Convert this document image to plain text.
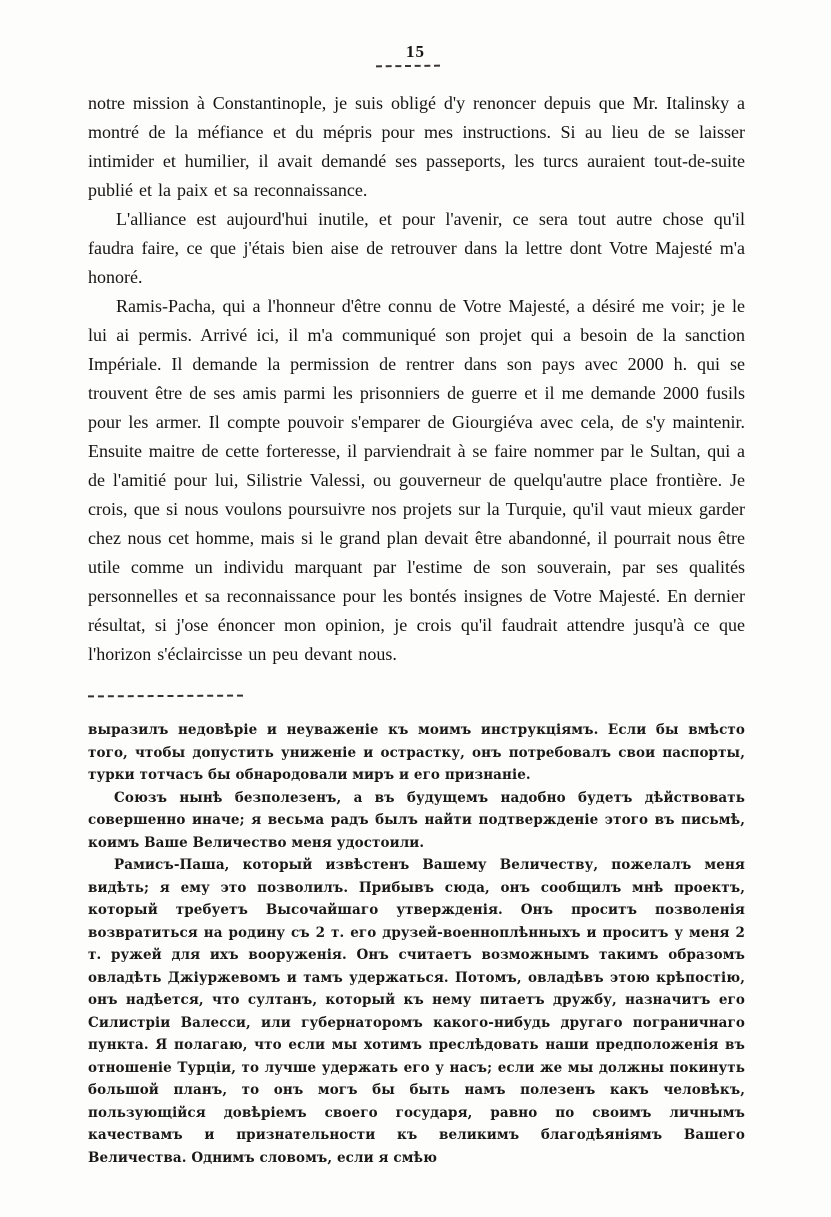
15

notre mission à Constantinople, je suis obligé d'y renoncer depuis que Mr. Italinsky a montré de la méfiance et du mépris pour mes instructions. Si au lieu de se laisser intimider et humilier, il avait demandé ses passeports, les turcs auraient tout-de-suite publié et la paix et sa reconnaissance.

L'alliance est aujourd'hui inutile, et pour l'avenir, ce sera tout autre chose qu'il faudra faire, ce que j'étais bien aise de retrouver dans la lettre dont Votre Majesté m'a honoré.

Ramis-Pacha, qui a l'honneur d'être connu de Votre Majesté, a désiré me voir; je le lui ai permis. Arrivé ici, il m'a communiqué son projet qui a besoin de la sanction Impériale. Il demande la permission de rentrer dans son pays avec 2000 h. qui se trouvent être de ses amis parmi les prisonniers de guerre et il me demande 2000 fusils pour les armer. Il compte pouvoir s'emparer de Giourgiéva avec cela, de s'y maintenir. Ensuite maitre de cette forteresse, il parviendrait à se faire nommer par le Sultan, qui a de l'amitié pour lui, Silistrie Valessi, ou gouverneur de quelqu'autre place frontière. Je crois, que si nous voulons poursuivre nos projets sur la Turquie, qu'il vaut mieux garder chez nous cet homme, mais si le grand plan devait être abandonné, il pourrait nous être utile comme un individu marquant par l'estime de son souverain, par ses qualités personnelles et sa reconnaissance pour les bontés insignes de Votre Majesté. En dernier résultat, si j'ose énoncer mon opinion, je crois qu'il faudrait attendre jusqu'à ce que l'horizon s'éclaircisse un peu devant nous.

выразилъ недовѣріе и неуваженіе къ моимъ инструкціямъ. Если бы вмѣсто того, чтобы допустить униженіе и острастку, онъ потребовалъ свои паспорты, турки тотчасъ бы обнародовали миръ и его признаніе.

Союзъ нынѣ безполезенъ, а въ будущемъ надобно будетъ дѣйствовать совершенно иначе; я весьма радъ былъ найти подтвержденіе этого въ письмѣ, коимъ Ваше Величество меня удостоили.

Рамисъ-Паша, который извѣстенъ Вашему Величеству, пожелалъ меня видѣть; я ему это позволилъ. Прибывъ сюда, онъ сообщилъ мнѣ проектъ, который требуетъ Высочайшаго утвержденія. Онъ проситъ позволенія возвратиться на родину съ 2 т. его друзей-военноплѣнныхъ и проситъ у меня 2 т. ружей для ихъ вооруженія. Онъ считаетъ возможнымъ такимъ образомъ овладѣть Джіуржевомъ и тамъ удержаться. Потомъ, овладѣвъ этою крѣпостію, онъ надѣется, что султанъ, который къ нему питаетъ дружбу, назначитъ его Силистріи Валесси, или губернаторомъ какого-нибудь другаго пограничнаго пункта. Я полагаю, что если мы хотимъ преслѣдовать наши предположенія въ отношеніе Турціи, то лучше удержать его у насъ; если же мы должны покинуть большой планъ, то онъ могъ бы быть намъ полезенъ какъ человѣкъ, пользующійся довѣріемъ своего государя, равно по своимъ личнымъ качествамъ и признательности къ великимъ благодѣяніямъ Вашего Величества. Однимъ словомъ, если я смѣю
